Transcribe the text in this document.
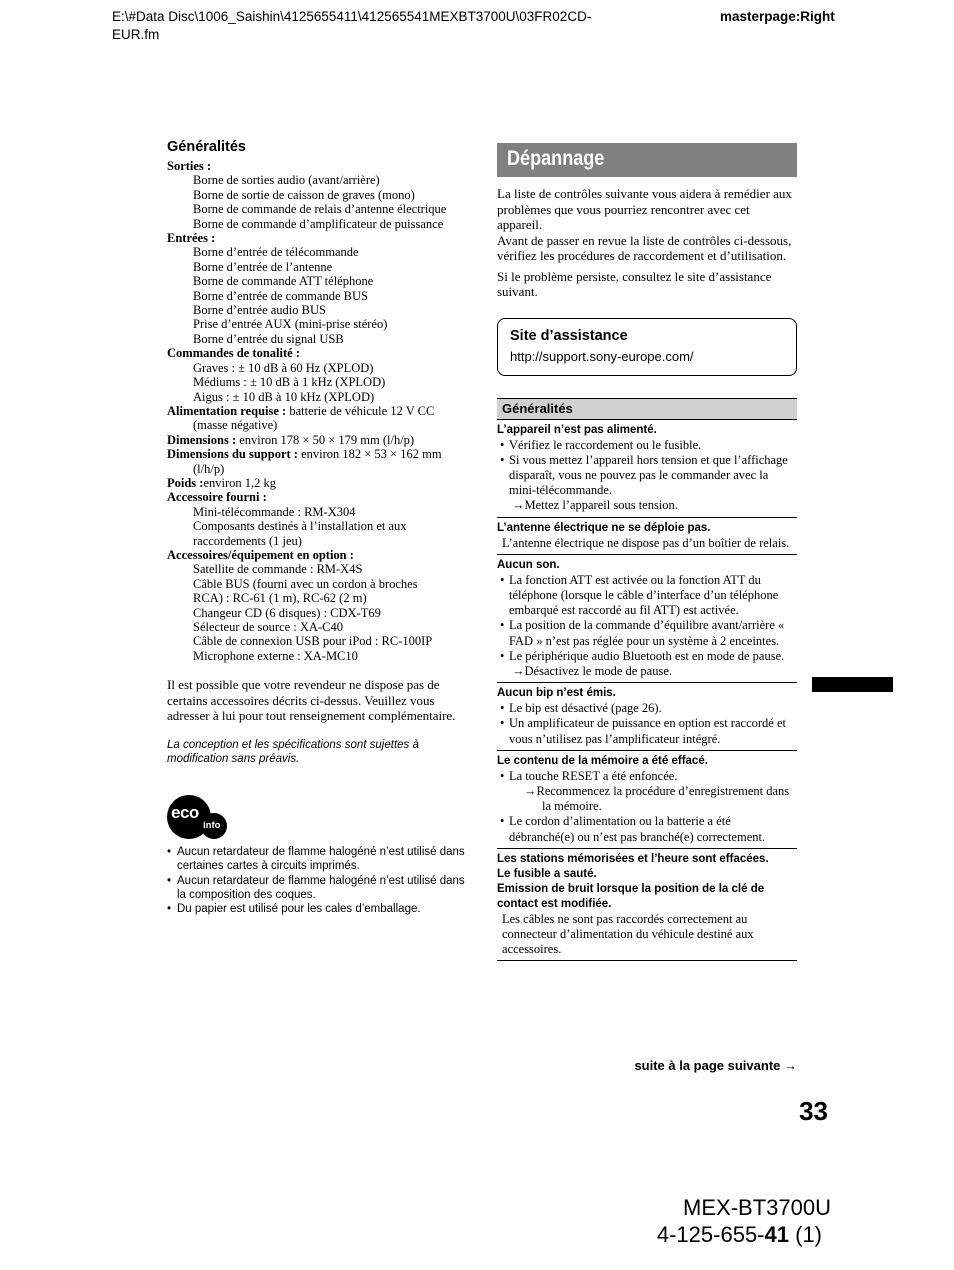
E:\#Data Disc\1006_Saishin\4125655411\412565541MEXBT3700U\03FR02CD-EUR.fm
masterpage:Right
Généralités
Sorties :
Borne de sorties audio (avant/arrière)
Borne de sortie de caisson de graves (mono)
Borne de commande de relais d’antenne électrique
Borne de commande d’amplificateur de puissance
Entrées :
Borne d’entrée de télécommande
Borne d’entrée de l’antenne
Borne de commande ATT téléphone
Borne d’entrée de commande BUS
Borne d’entrée audio BUS
Prise d’entrée AUX (mini-prise stéréo)
Borne d’entrée du signal USB
Commandes de tonalité :
Graves : ± 10 dB à 60 Hz (XPLOD)
Médiums : ± 10 dB à 1 kHz (XPLOD)
Aigus : ± 10 dB à 10 kHz (XPLOD)
Alimentation requise : batterie de véhicule 12 V CC
(masse négative)
Dimensions : environ 178 × 50 × 179 mm (l/h/p)
Dimensions du support : environ 182 × 53 × 162 mm
(l/h/p)
Poids :environ 1,2 kg
Accessoire fourni :
Mini-télécommande : RM-X304
Composants destinés à l’installation et aux
raccordements (1 jeu)
Accessoires/équipement en option :
Satellite de commande : RM-X4S
Câble BUS (fourni avec un cordon à broches
RCA) : RC-61 (1 m), RC-62 (2 m)
Changeur CD (6 disques) : CDX-T69
Sélecteur de source : XA-C40
Câble de connexion USB pour iPod : RC-100IP
Microphone externe : XA-MC10
Il est possible que votre revendeur ne dispose pas de certains accessoires décrits ci-dessus. Veuillez vous adresser à lui pour tout renseignement complémentaire.
La conception et les spécifications sont sujettes à modification sans préavis.
eco
info
• Aucun retardateur de flamme halogéné n’est utilisé dans certaines cartes à circuits imprimés.
• Aucun retardateur de flamme halogéné n’est utilisé dans la composition des coques.
• Du papier est utilisé pour les cales d’emballage.
Dépannage
La liste de contrôles suivante vous aidera à remédier aux problèmes que vous pourriez rencontrer avec cet appareil.
Avant de passer en revue la liste de contrôles ci-dessous, vérifiez les procédures de raccordement et d’utilisation.
Si le problème persiste, consultez le site d’assistance suivant.
Site d’assistance
http://support.sony-europe.com/
Généralités
L’appareil n’est pas alimenté.
• Vérifiez le raccordement ou le fusible.
• Si vous mettez l’appareil hors tension et que l’affichage disparaît, vous ne pouvez pas le commander avec la mini-télécommande.
→Mettez l’appareil sous tension.
L’antenne électrique ne se déploie pas.
L’antenne électrique ne dispose pas d’un boîtier de relais.
Aucun son.
• La fonction ATT est activée ou la fonction ATT du téléphone (lorsque le câble d’interface d’un téléphone embarqué est raccordé au fil ATT) est activée.
• La position de la commande d’équilibre avant/arrière « FAD » n’est pas réglée pour un système à 2 enceintes.
• Le périphérique audio Bluetooth est en mode de pause.
→Désactivez le mode de pause.
Aucun bip n’est émis.
• Le bip est désactivé (page 26).
• Un amplificateur de puissance en option est raccordé et vous n’utilisez pas l’amplificateur intégré.
Le contenu de la mémoire a été effacé.
• La touche RESET a été enfoncée.
→Recommencez la procédure d’enregistrement dans la mémoire.
• Le cordon d’alimentation ou la batterie a été débranché(e) ou n’est pas branché(e) correctement.
Les stations mémorisées et l’heure sont effacées.
Le fusible a sauté.
Emission de bruit lorsque la position de la clé de contact est modifiée.
Les câbles ne sont pas raccordés correctement au connecteur d’alimentation du véhicule destiné aux accessoires.
suite à la page suivante →
33
MEX-BT3700U
4-125-655-41 (1)
